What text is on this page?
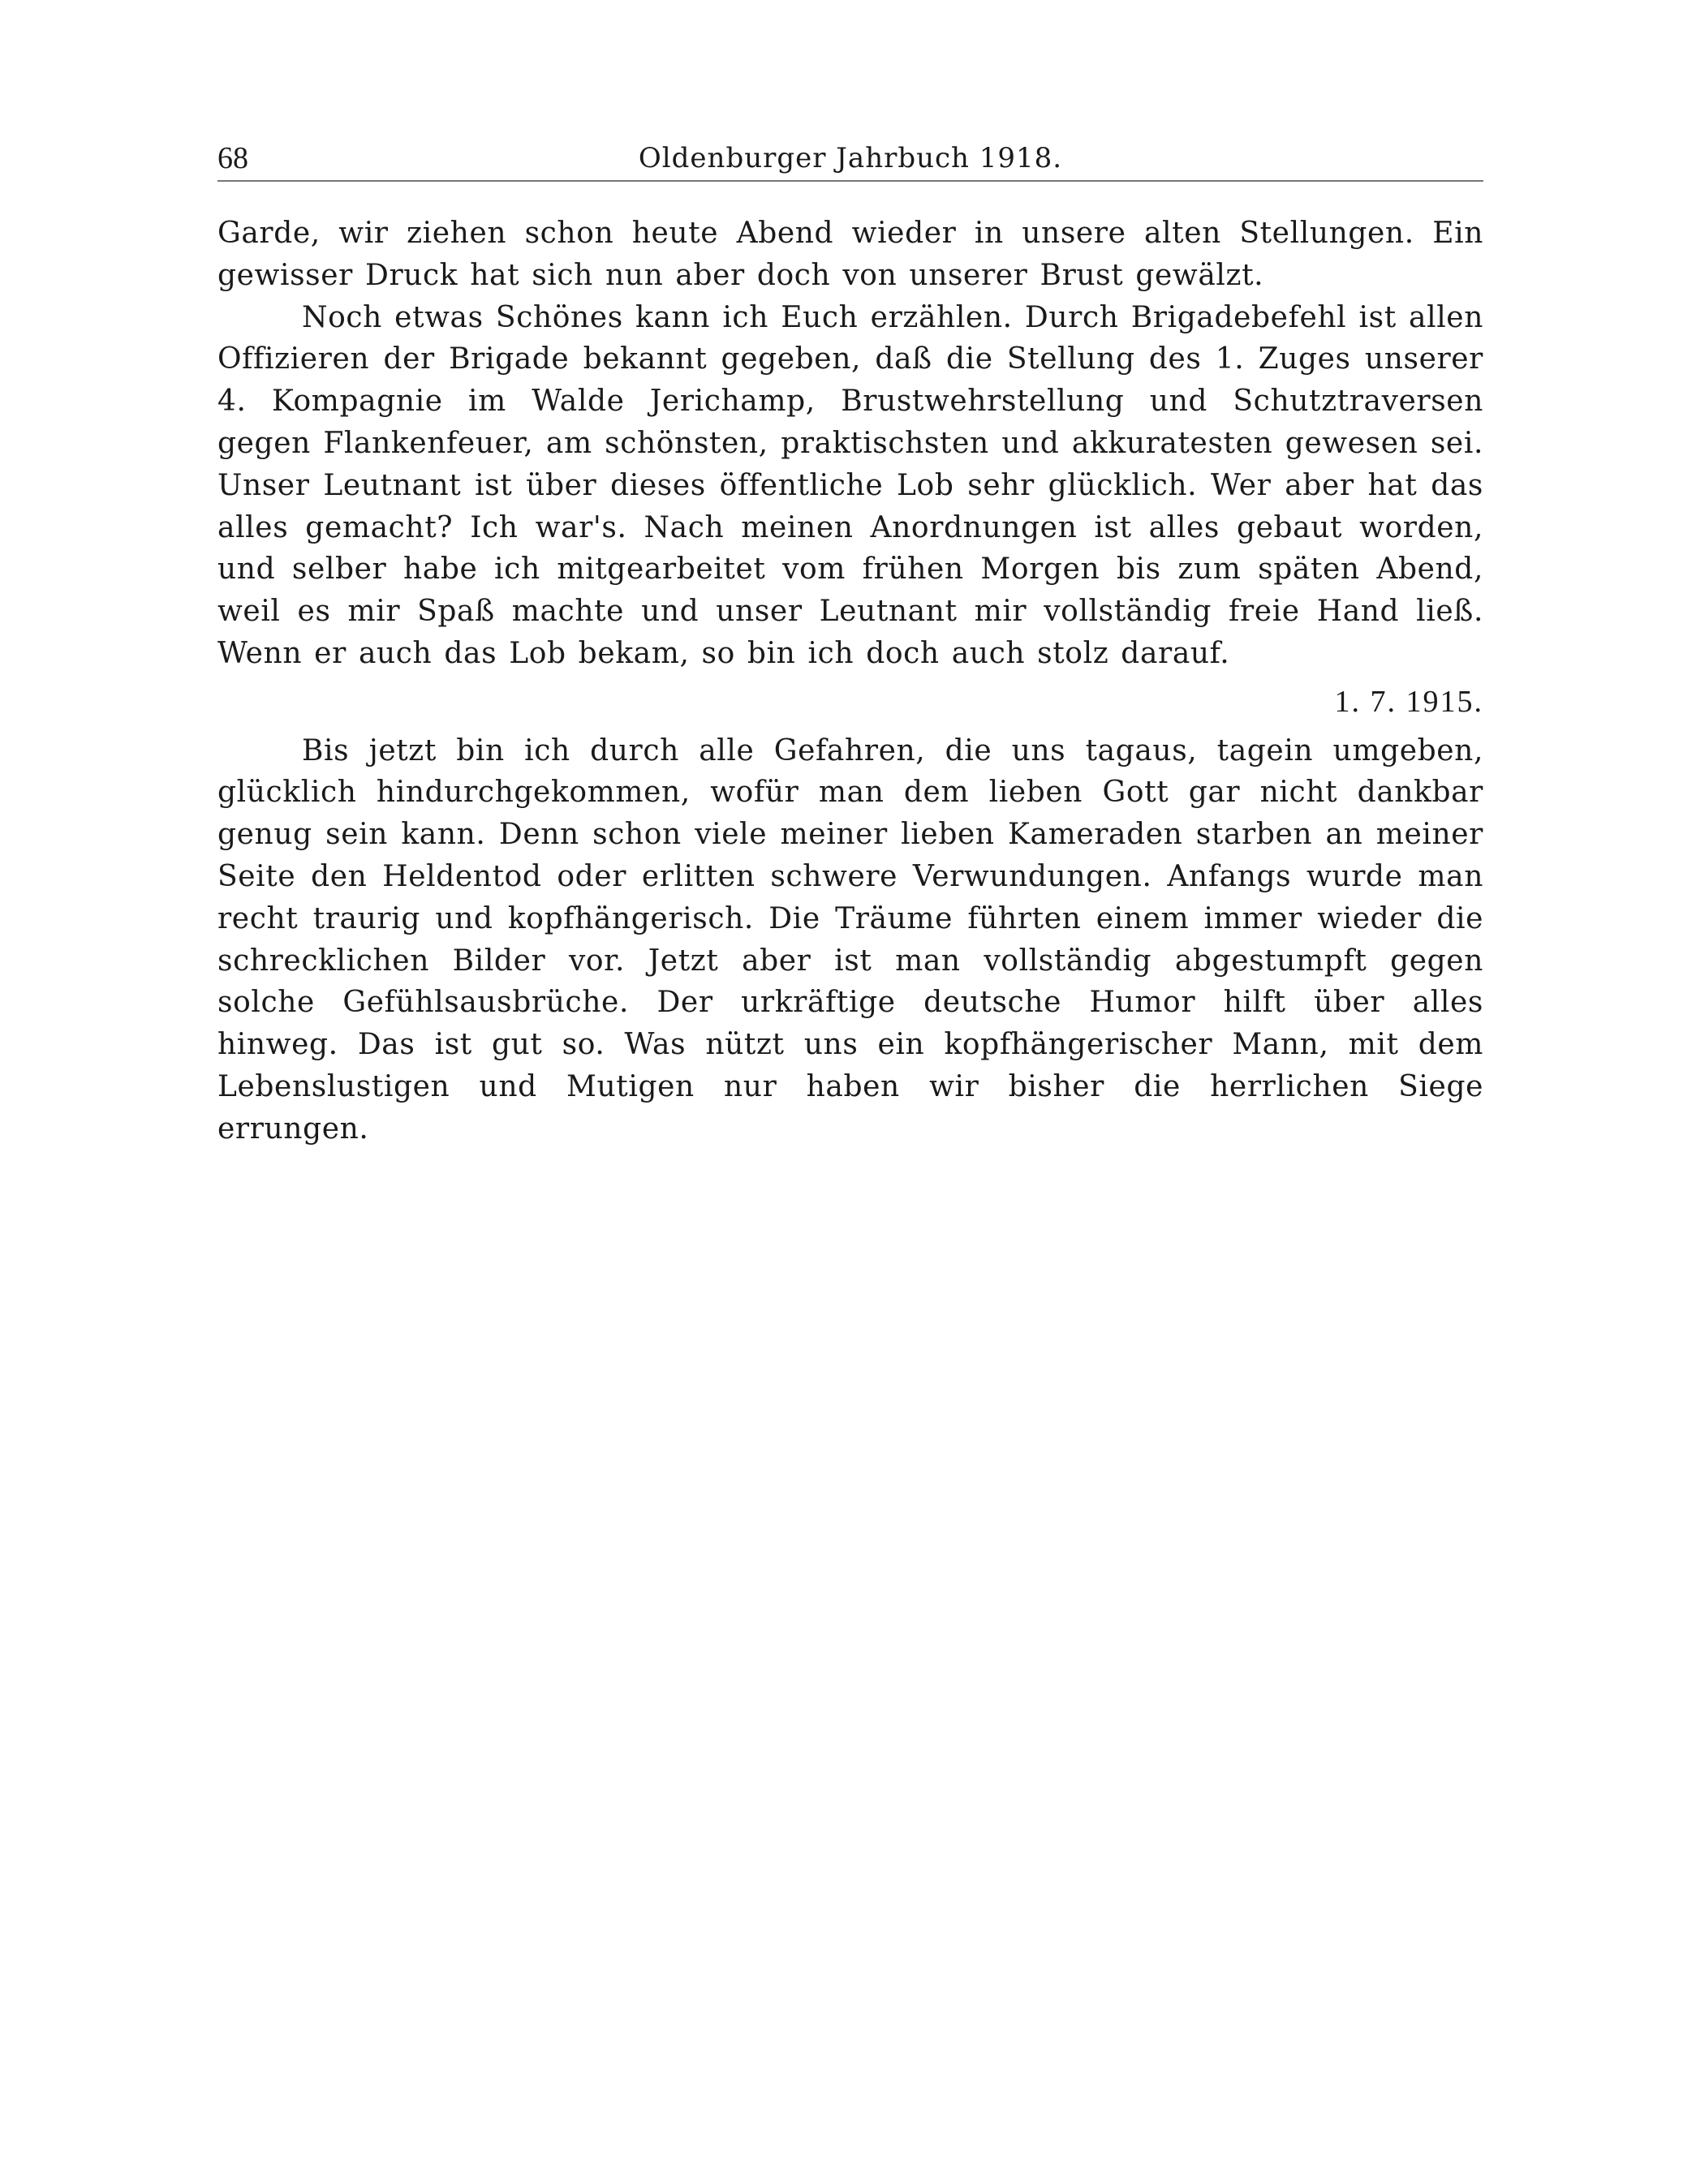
68	Oldenburger Jahrbuch 1918.

Garde, wir ziehen schon heute Abend wieder in unsere alten Stellungen. Ein gewisser Druck hat sich nun aber doch von unserer Brust gewälzt.

Noch etwas Schönes kann ich Euch erzählen. Durch Brigadebefehl ist allen Offizieren der Brigade bekannt gegeben, daß die Stellung des 1. Zuges unserer 4. Kompagnie im Walde Jerichamp, Brustwehrstellung und Schutztraversen gegen Flankenfeuer, am schönsten, praktischsten und akkuratesten gewesen sei. Unser Leutnant ist über dieses öffentliche Lob sehr glücklich. Wer aber hat das alles gemacht? Ich war's. Nach meinen Anordnungen ist alles gebaut worden, und selber habe ich mitgearbeitet vom frühen Morgen bis zum späten Abend, weil es mir Spaß machte und unser Leutnant mir vollständig freie Hand ließ. Wenn er auch das Lob bekam, so bin ich doch auch stolz darauf.

1. 7. 1915.

Bis jetzt bin ich durch alle Gefahren, die uns tagaus, tagein umgeben, glücklich hindurchgekommen, wofür man dem lieben Gott gar nicht dankbar genug sein kann. Denn schon viele meiner lieben Kameraden starben an meiner Seite den Heldentod oder erlitten schwere Verwundungen. Anfangs wurde man recht traurig und kopfhängerisch. Die Träume führten einem immer wieder die schrecklichen Bilder vor. Jetzt aber ist man vollständig abgestumpft gegen solche Gefühlsausbrüche. Der urkräftige deutsche Humor hilft über alles hinweg. Das ist gut so. Was nützt uns ein kopfhängerischer Mann, mit dem Lebenslustigen und Mutigen nur haben wir bisher die herrlichen Siege errungen.
